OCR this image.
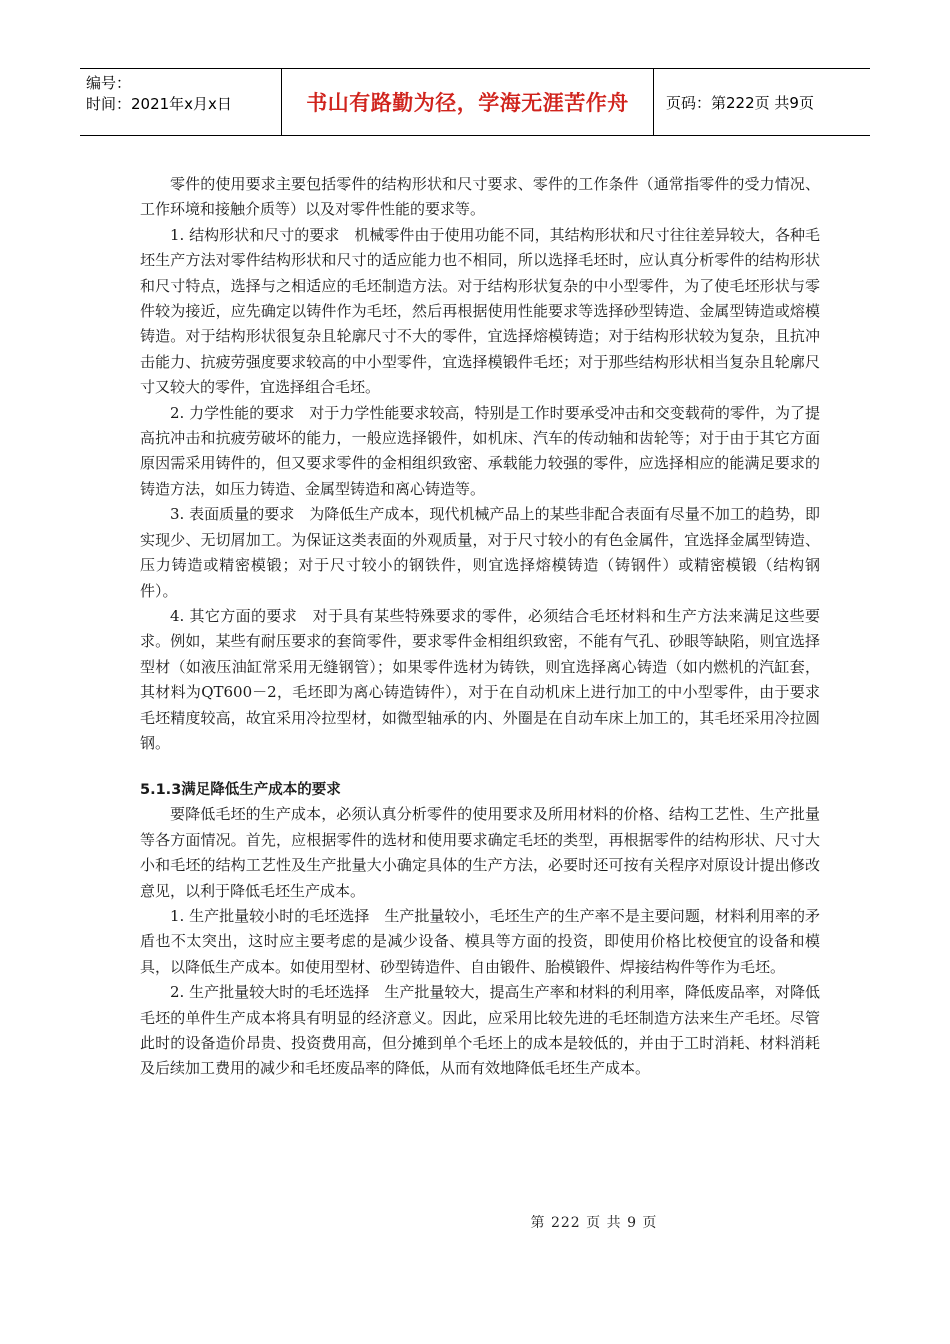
编号：
时间：2021年x月x日	书山有路勤为径，学海无涯苦作舟	页码：第222页 共9页

零件的使用要求主要包括零件的结构形状和尺寸要求、零件的工作条件（通常指零件的受力情况、工作环境和接触介质等）以及对零件性能的要求等。

1. 结构形状和尺寸的要求　机械零件由于使用功能不同，其结构形状和尺寸往往差异较大，各种毛坯生产方法对零件结构形状和尺寸的适应能力也不相同，所以选择毛坯时，应认真分析零件的结构形状和尺寸特点，选择与之相适应的毛坯制造方法。对于结构形状复杂的中小型零件，为了使毛坯形状与零件较为接近，应先确定以铸件作为毛坯，然后再根据使用性能要求等选择砂型铸造、金属型铸造或熔模铸造。对于结构形状很复杂且轮廓尺寸不大的零件，宜选择熔模铸造；对于结构形状较为复杂，且抗冲击能力、抗疲劳强度要求较高的中小型零件，宜选择模锻件毛坯；对于那些结构形状相当复杂且轮廓尺寸又较大的零件，宜选择组合毛坯。

2. 力学性能的要求　对于力学性能要求较高，特别是工作时要承受冲击和交变载荷的零件，为了提高抗冲击和抗疲劳破坏的能力，一般应选择锻件，如机床、汽车的传动轴和齿轮等；对于由于其它方面原因需采用铸件的，但又要求零件的金相组织致密、承载能力较强的零件，应选择相应的能满足要求的铸造方法，如压力铸造、金属型铸造和离心铸造等。

3. 表面质量的要求　为降低生产成本，现代机械产品上的某些非配合表面有尽量不加工的趋势，即实现少、无切屑加工。为保证这类表面的外观质量，对于尺寸较小的有色金属件，宜选择金属型铸造、压力铸造或精密模锻；对于尺寸较小的钢铁件，则宜选择熔模铸造（铸钢件）或精密模锻（结构钢件）。

4. 其它方面的要求　对于具有某些特殊要求的零件，必须结合毛坯材料和生产方法来满足这些要求。例如，某些有耐压要求的套筒零件，要求零件金相组织致密，不能有气孔、砂眼等缺陷，则宜选择型材（如液压油缸常采用无缝钢管）；如果零件选材为铸铁，则宜选择离心铸造（如内燃机的汽缸套，其材料为QT600－2，毛坯即为离心铸造铸件），对于在自动机床上进行加工的中小型零件，由于要求毛坯精度较高，故宜采用冷拉型材，如微型轴承的内、外圈是在自动车床上加工的，其毛坯采用冷拉圆钢。

5.1.3满足降低生产成本的要求

要降低毛坯的生产成本，必须认真分析零件的使用要求及所用材料的价格、结构工艺性、生产批量等各方面情况。首先，应根据零件的选材和使用要求确定毛坯的类型，再根据零件的结构形状、尺寸大小和毛坯的结构工艺性及生产批量大小确定具体的生产方法，必要时还可按有关程序对原设计提出修改意见，以利于降低毛坯生产成本。

1. 生产批量较小时的毛坯选择　生产批量较小，毛坯生产的生产率不是主要问题，材料利用率的矛盾也不太突出，这时应主要考虑的是减少设备、模具等方面的投资，即使用价格比校便宜的设备和模具，以降低生产成本。如使用型材、砂型铸造件、自由锻件、胎模锻件、焊接结构件等作为毛坯。

2. 生产批量较大时的毛坯选择　生产批量较大，提高生产率和材料的利用率，降低废品率，对降低毛坯的单件生产成本将具有明显的经济意义。因此，应采用比较先进的毛坯制造方法来生产毛坯。尽管此时的设备造价昂贵、投资费用高，但分摊到单个毛坯上的成本是较低的，并由于工时消耗、材料消耗及后续加工费用的减少和毛坯废品率的降低，从而有效地降低毛坯生产成本。

第 222 页 共 9 页
